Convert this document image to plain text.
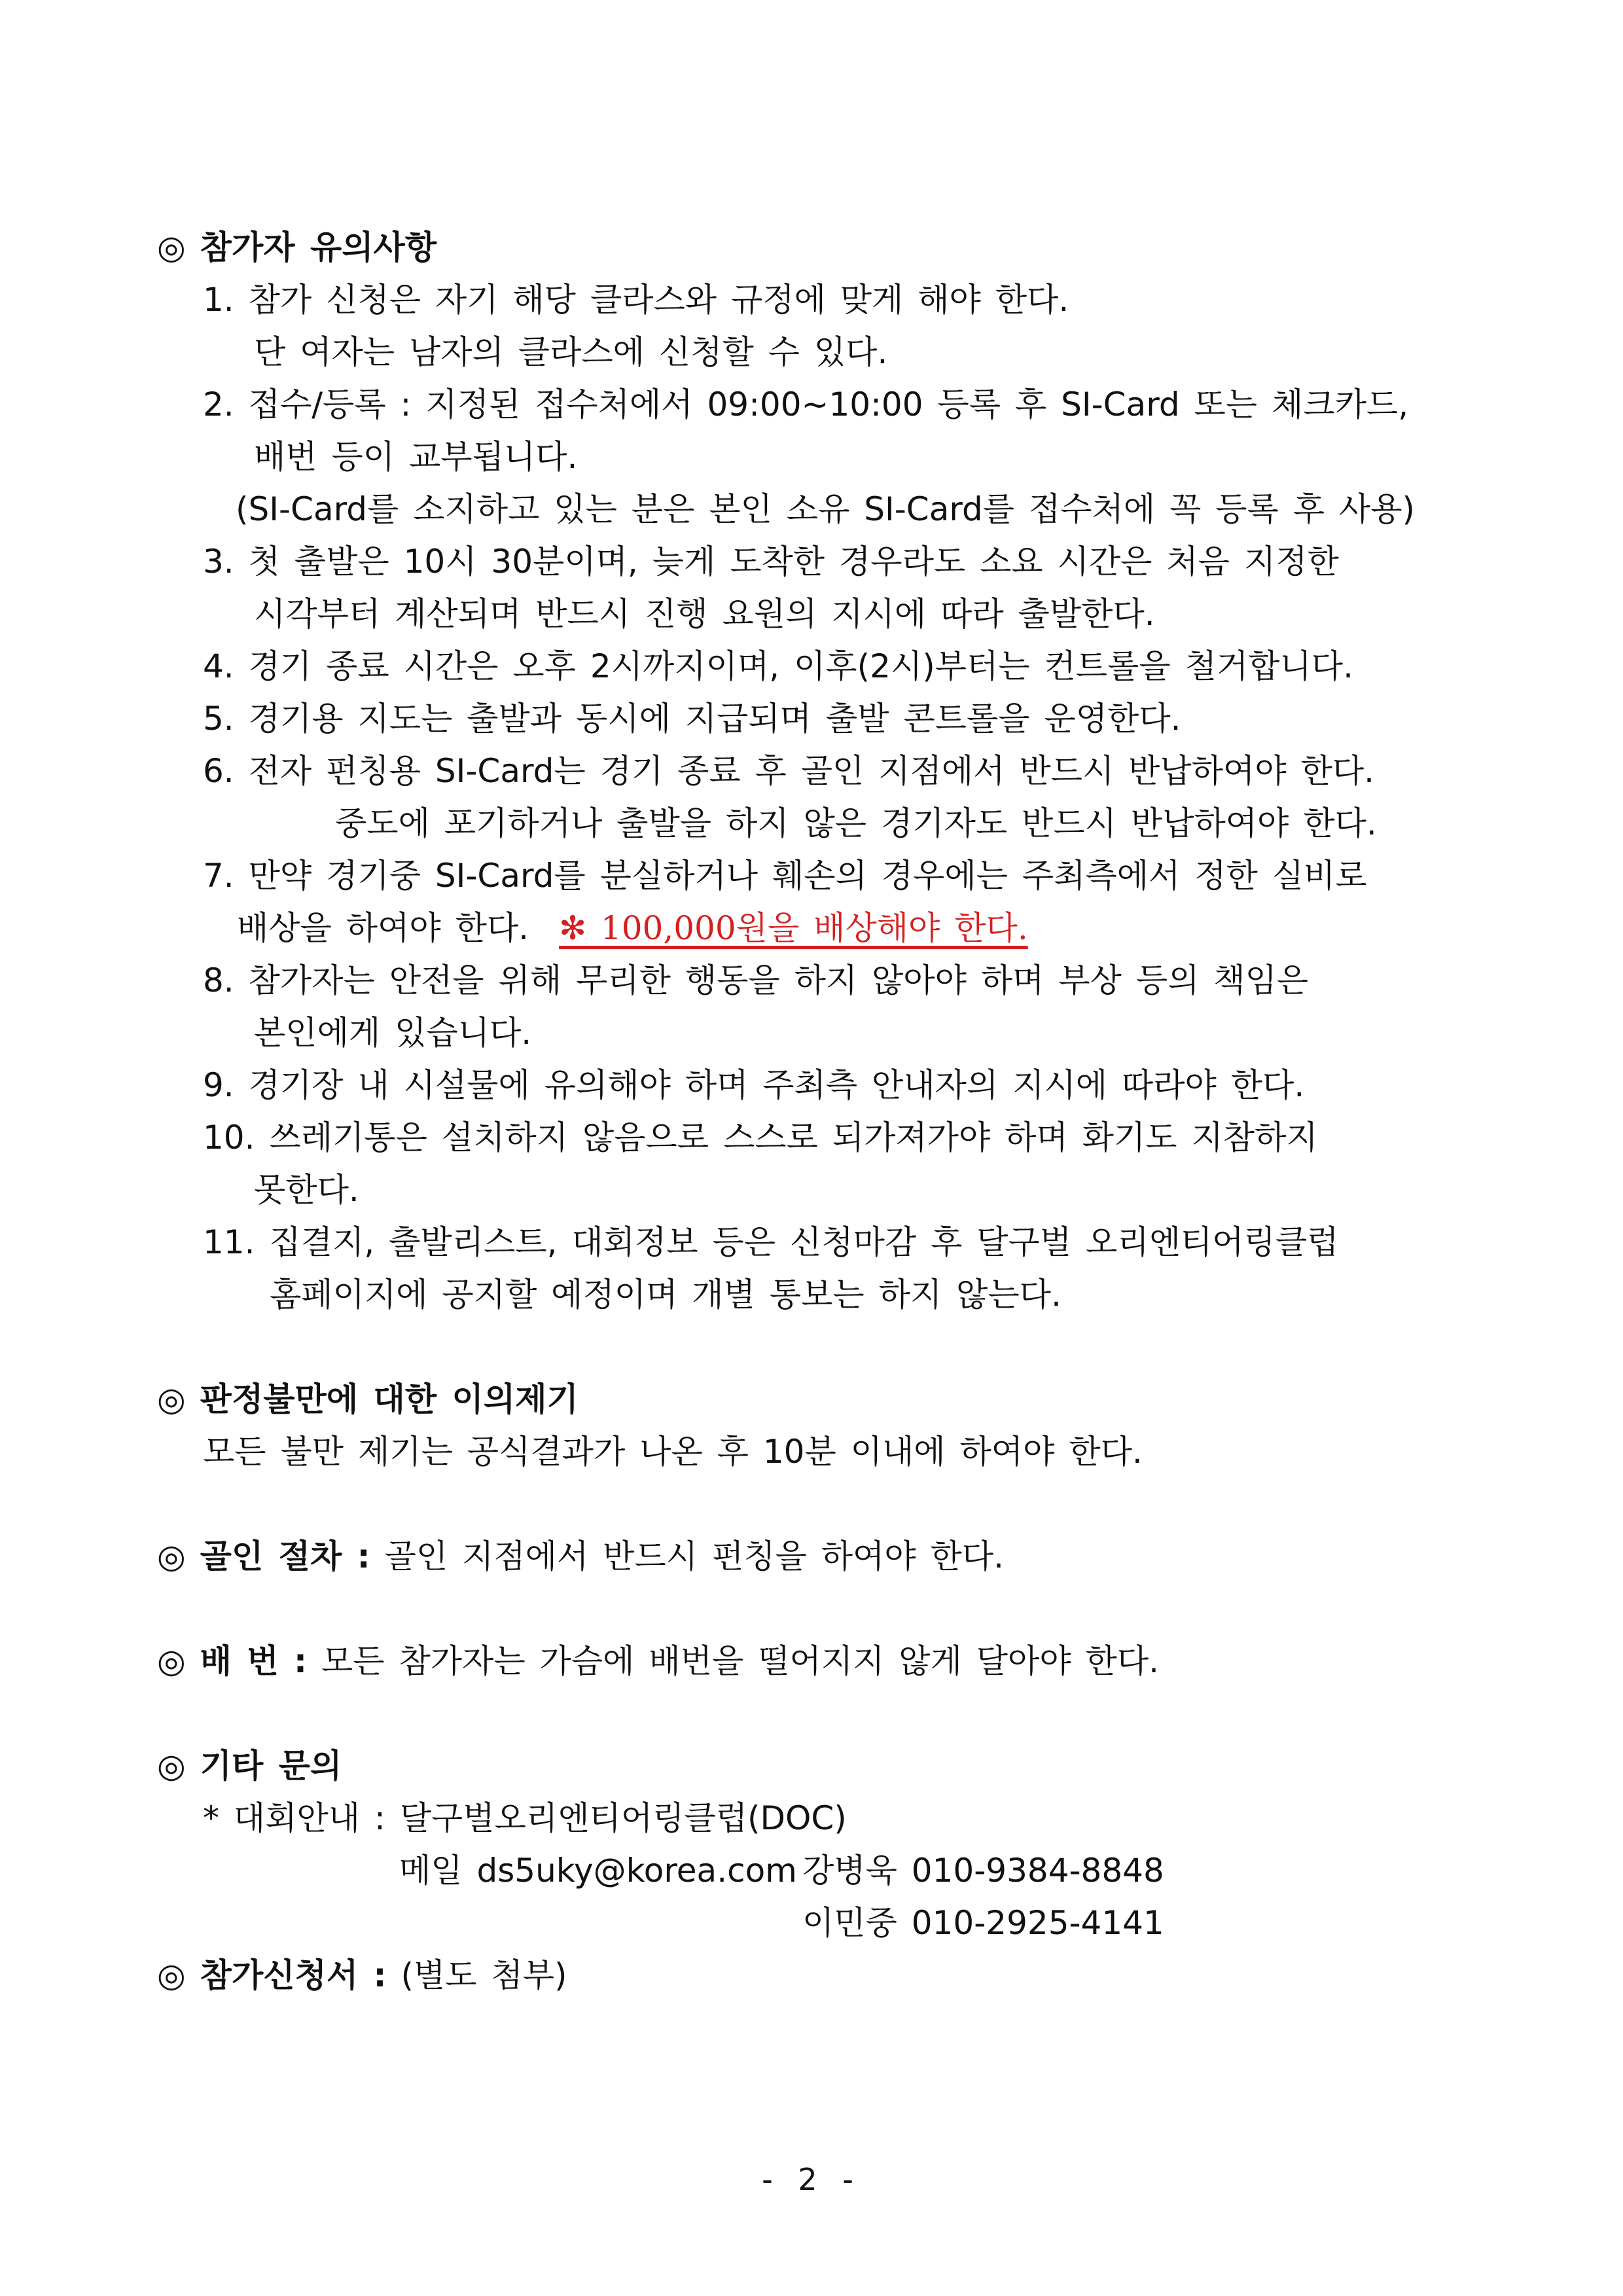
◎ 참가자 유의사항
1. 참가 신청은 자기 해당 클라스와 규정에 맞게 해야 한다.
단 여자는 남자의 클라스에 신청할 수 있다.
2. 접수/등록 : 지정된 접수처에서 09:00~10:00 등록 후 SI-Card 또는 체크카드,
배번 등이 교부됩니다.
(SI-Card를 소지하고 있는 분은 본인 소유 SI-Card를 접수처에 꼭 등록 후 사용)
3. 첫 출발은 10시 30분이며, 늦게 도착한 경우라도 소요 시간은 처음 지정한
시각부터 계산되며 반드시 진행 요원의 지시에 따라 출발한다.
4. 경기 종료 시간은 오후 2시까지이며, 이후(2시)부터는 컨트롤을 철거합니다.
5. 경기용 지도는 출발과 동시에 지급되며 출발 콘트롤을 운영한다.
6. 전자 펀칭용 SI-Card는 경기 종료 후 골인 지점에서 반드시 반납하여야 한다.
중도에 포기하거나 출발을 하지 않은 경기자도 반드시 반납하여야 한다.
7. 만약 경기중 SI-Card를 분실하거나 훼손의 경우에는 주최측에서 정한 실비로
배상을 하여야 한다. ✻ 100,000원을 배상해야 한다.
8. 참가자는 안전을 위해 무리한 행동을 하지 않아야 하며 부상 등의 책임은
본인에게 있습니다.
9. 경기장 내 시설물에 유의해야 하며 주최측 안내자의 지시에 따라야 한다.
10. 쓰레기통은 설치하지 않음으로 스스로 되가져가야 하며 화기도 지참하지
못한다.
11. 집결지, 출발리스트, 대회정보 등은 신청마감 후 달구벌 오리엔티어링클럽
홈페이지에 공지할 예정이며 개별 통보는 하지 않는다.
◎ 판정불만에 대한 이의제기
모든 불만 제기는 공식결과가 나온 후 10분 이내에 하여야 한다.
◎ 골인 절차 : 골인 지점에서 반드시 펀칭을 하여야 한다.
◎ 배 번 : 모든 참가자는 가슴에 배번을 떨어지지 않게 달아야 한다.
◎ 기타 문의
* 대회안내 : 달구벌오리엔티어링클럽(DOC)
메일 ds5uky@korea.com 강병욱 010-9384-8848
이민중 010-2925-4141
◎ 참가신청서 : (별도 첨부)
- 2 -
